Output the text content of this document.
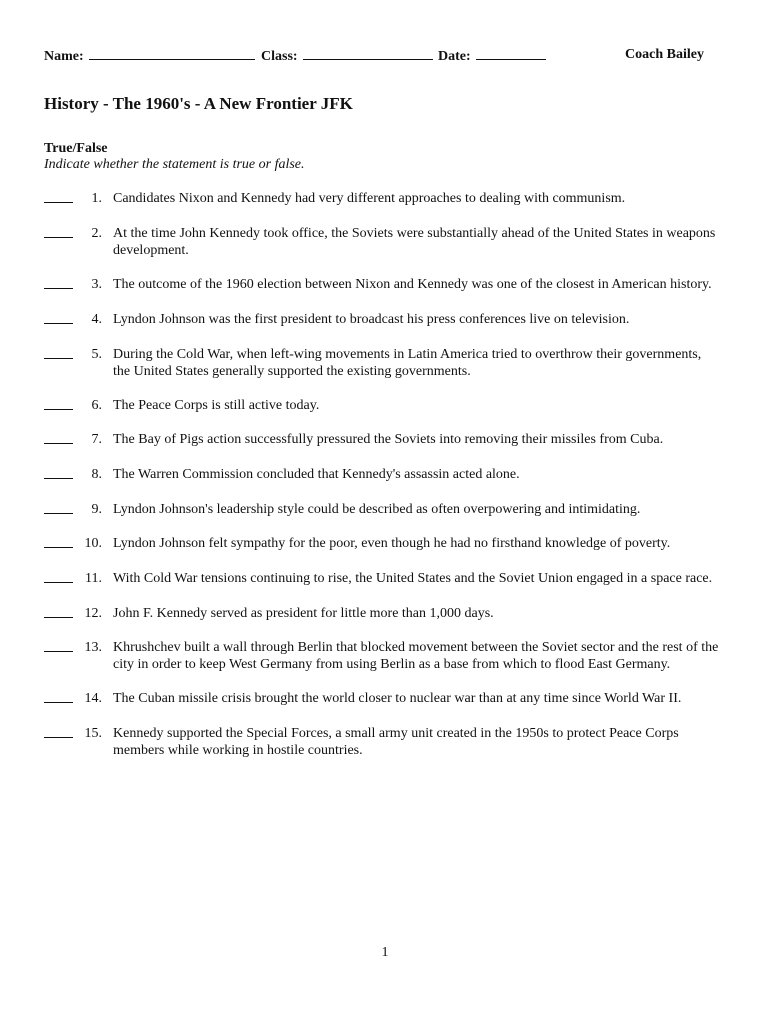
Name:	Class:	Date:	Coach Bailey
History - The 1960's - A New Frontier JFK
True/False

Indicate whether the statement is true or false.

1. Candidates Nixon and Kennedy had very different approaches to dealing with communism.
2. At the time John Kennedy took office, the Soviets were substantially ahead of the United States in weapons development.
3. The outcome of the 1960 election between Nixon and Kennedy was one of the closest in American history.
4. Lyndon Johnson was the first president to broadcast his press conferences live on television.
5. During the Cold War, when left-wing movements in Latin America tried to overthrow their governments, the United States generally supported the existing governments.
6. The Peace Corps is still active today.
7. The Bay of Pigs action successfully pressured the Soviets into removing their missiles from Cuba.
8. The Warren Commission concluded that Kennedy's assassin acted alone.
9. Lyndon Johnson's leadership style could be described as often overpowering and intimidating.
10. Lyndon Johnson felt sympathy for the poor, even though he had no firsthand knowledge of poverty.
11. With Cold War tensions continuing to rise, the United States and the Soviet Union engaged in a space race.
12. John F. Kennedy served as president for little more than 1,000 days.
13. Khrushchev built a wall through Berlin that blocked movement between the Soviet sector and the rest of the city in order to keep West Germany from using Berlin as a base from which to flood East Germany.
14. The Cuban missile crisis brought the world closer to nuclear war than at any time since World War II.
15. Kennedy supported the Special Forces, a small army unit created in the 1950s to protect Peace Corps members while working in hostile countries.
1
